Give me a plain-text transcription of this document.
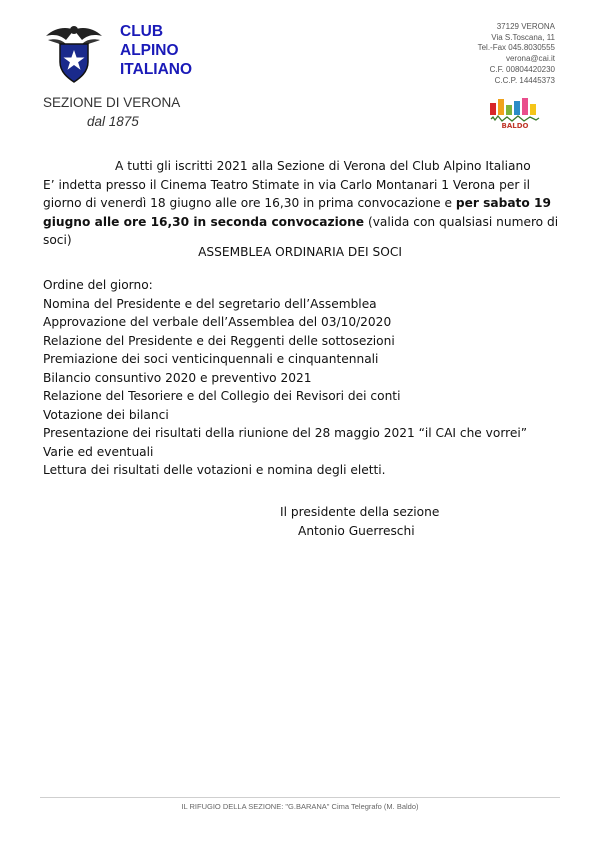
CLUB
ALPINO
ITALIANO
37129 VERONA
Via S.Toscana, 11
Tel.-Fax 045.8030555
verona@cai.it
C.F. 00804420230
C.C.P. 14445373
SEZIONE DI VERONA
dal 1875	BALDO
A tutti gli iscritti 2021 alla Sezione di Verona del Club Alpino Italiano
E’ indetta presso il Cinema Teatro Stimate in via Carlo Montanari 1 Verona per il giorno di venerdì 18 giugno alle ore 16,30 in prima convocazione e per sabato 19 giugno alle ore 16,30 in seconda convocazione (valida con qualsiasi numero di soci)
ASSEMBLEA ORDINARIA DEI SOCI
Ordine del giorno:
Nomina del Presidente e del segretario dell’Assemblea
Approvazione del verbale dell’Assemblea del 03/10/2020
Relazione del Presidente e dei Reggenti delle sottosezioni
Premiazione dei soci venticinquennali e cinquantennali
Bilancio consuntivo 2020 e preventivo 2021
Relazione del Tesoriere e del Collegio dei Revisori dei conti
Votazione dei bilanci
Presentazione dei risultati della riunione del 28 maggio 2021 “il CAI che vorrei”
Varie ed eventuali
Lettura dei risultati delle votazioni e nomina degli eletti.
Il presidente della sezione
Antonio Guerreschi
IL RIFUGIO DELLA SEZIONE: "G.BARANA" Cima Telegrafo (M. Baldo)
